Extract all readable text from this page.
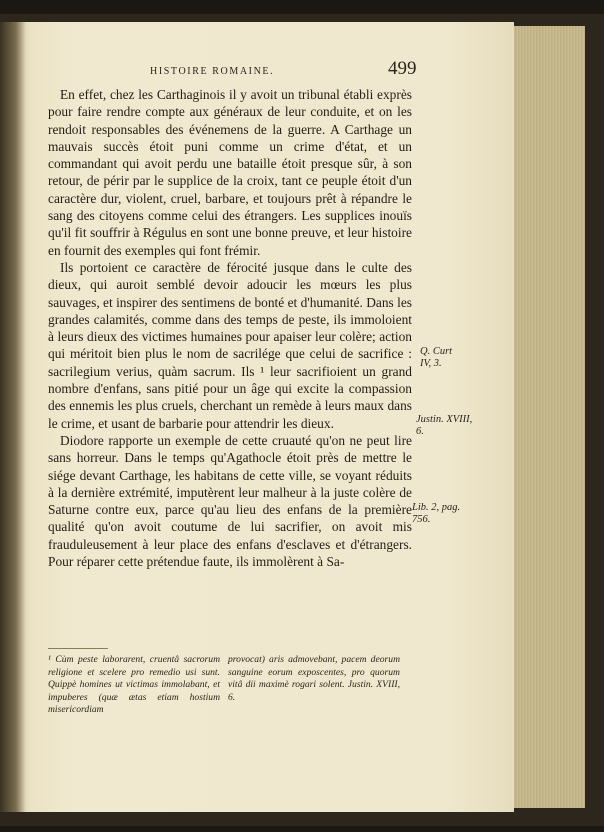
HISTOIRE ROMAINE.	499

En effet, chez les Carthaginois il y avoit un tribunal établi exprès pour faire rendre compte aux généraux de leur conduite, et on les rendoit responsables des événemens de la guerre. A Carthage un mauvais succès étoit puni comme un crime d'état, et un commandant qui avoit perdu une bataille étoit presque sûr, à son retour, de périr par le supplice de la croix, tant ce peuple étoit d'un caractère dur, violent, cruel, barbare, et toujours prêt à répandre le sang des citoyens comme celui des étrangers. Les supplices inouïs qu'il fit souffrir à Régulus en sont une bonne preuve, et leur histoire en fournit des exemples qui font frémir.

Ils portoient ce caractère de férocité jusque dans le culte des dieux, qui auroit semblé devoir adoucir les mœurs les plus sauvages, et inspirer des sentimens de bonté et d'humanité. Dans les grandes calamités, comme dans des temps de peste, ils immoloient à leurs dieux des victimes humaines pour apaiser leur colère; action qui méritoit bien plus le nom de sacrilége que celui de sacrifice : sacrilegium verius, quàm sacrum. Ils ¹ leur sacrifioient un grand nombre d'enfans, sans pitié pour un âge qui excite la compassion des ennemis les plus cruels, cherchant un remède à leurs maux dans le crime, et usant de barbarie pour attendrir les dieux.

Diodore rapporte un exemple de cette cruauté qu'on ne peut lire sans horreur. Dans le temps qu'Agathocle étoit près de mettre le siége devant Carthage, les habitans de cette ville, se voyant réduits à la dernière extrémité, imputèrent leur malheur à la juste colère de Saturne contre eux, parce qu'au lieu des enfans de la première qualité qu'on avoit coutume de lui sacrifier, on avoit mis frauduleusement à leur place des enfans d'esclaves et d'étrangers. Pour réparer cette prétendue faute, ils immolèrent à Sa-

Q. Curt
IV, 3.
Justin. XVIII,
6.
Lib. 2, pag.
756.
¹ Cùm peste laborarent, cruentâ sacrorum religione et scelere pro remedio usi sunt. Quippè homines ut victimas immolabant, et impuberes (quæ ætas etiam hostium misericordiam
provocat) aris admovebant, pacem deorum sanguine eorum exposcentes, pro quorum vitâ dii maximè rogari solent. Justin. XVIII, 6.
